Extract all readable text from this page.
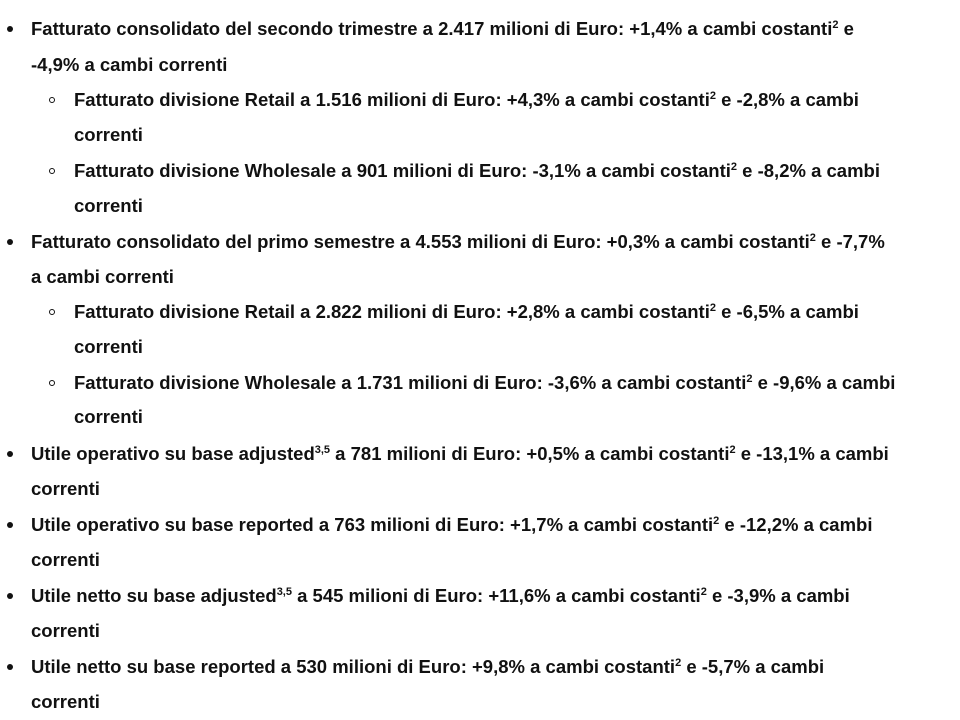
Fatturato consolidato del secondo trimestre a 2.417 milioni di Euro: +1,4% a cambi costanti$^2$ e
-4,9% a cambi correnti
Fatturato divisione Retail a 1.516 milioni di Euro: +4,3% a cambi costanti$^2$ e -2,8% a cambi
correnti
Fatturato divisione Wholesale a 901 milioni di Euro: -3,1% a cambi costanti$^2$ e -8,2% a cambi
correnti
Fatturato consolidato del primo semestre a 4.553 milioni di Euro: +0,3% a cambi costanti$^2$ e -7,7%
a cambi correnti
Fatturato divisione Retail a 2.822 milioni di Euro: +2,8% a cambi costanti$^2$ e -6,5% a cambi
correnti
Fatturato divisione Wholesale a 1.731 milioni di Euro: -3,6% a cambi costanti$^2$ e -9,6% a cambi
correnti
Utile operativo su base adjusted$^{3,5}$ a 781 milioni di Euro: +0,5% a cambi costanti$^2$ e -13,1% a cambi
correnti
Utile operativo su base reported a 763 milioni di Euro: +1,7% a cambi costanti$^2$ e -12,2% a cambi
correnti
Utile netto su base adjusted$^{3,5}$ a 545 milioni di Euro: +11,6% a cambi costanti$^2$ e -3,9% a cambi
correnti
Utile netto su base reported a 530 milioni di Euro: +9,8% a cambi costanti$^2$ e -5,7% a cambi
correnti
